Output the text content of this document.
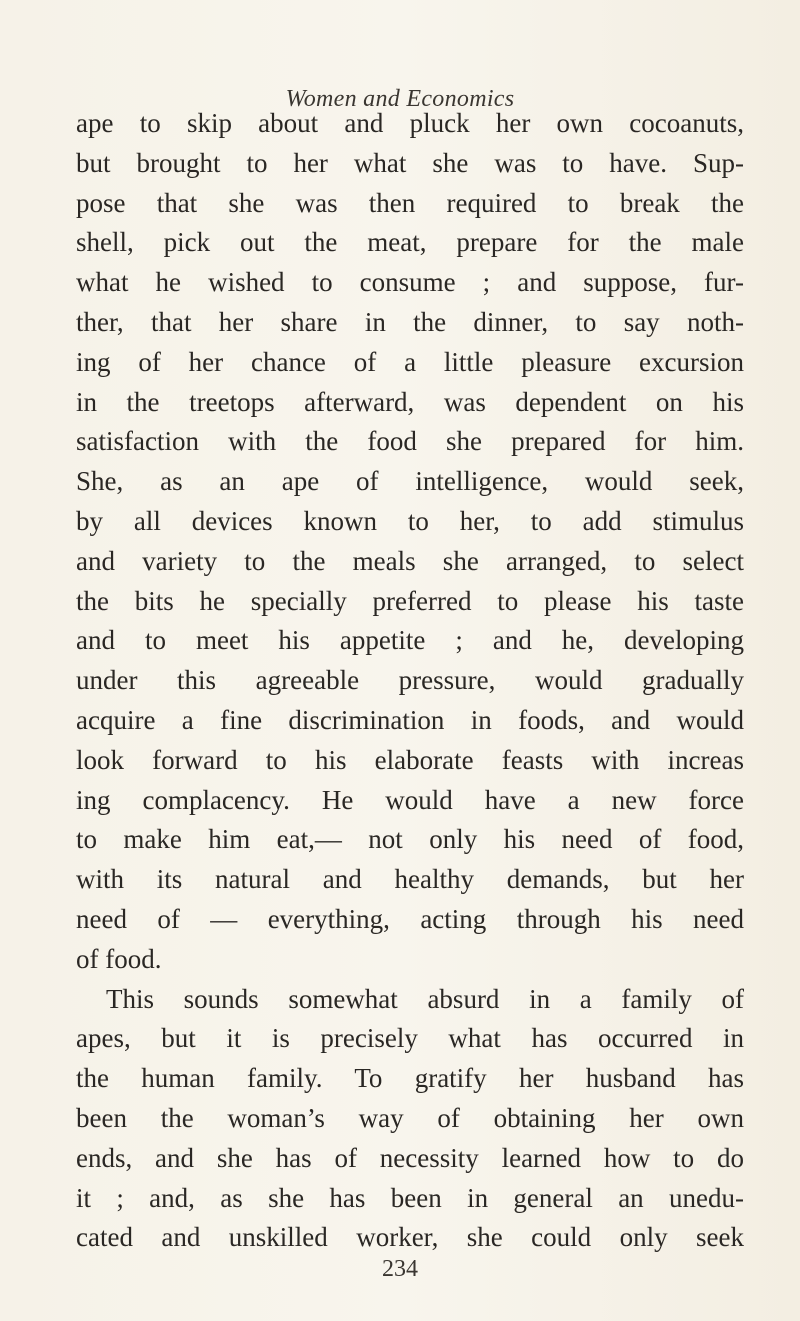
Women and Economics
ape to skip about and pluck her own cocoanuts,
but brought to her what she was to have. Sup-
pose that she was then required to break the
shell, pick out the meat, prepare for the male
what he wished to consume ; and suppose, fur-
ther, that her share in the dinner, to say noth-
ing of her chance of a little pleasure excursion
in the treetops afterward, was dependent on his
satisfaction with the food she prepared for him.
She, as an ape of intelligence, would seek,
by all devices known to her, to add stimulus
and variety to the meals she arranged, to select
the bits he specially preferred to please his taste
and to meet his appetite ; and he, developing
under this agreeable pressure, would gradually
acquire a fine discrimination in foods, and would
look forward to his elaborate feasts with increas
ing complacency. He would have a new force
to make him eat,— not only his need of food,
with its natural and healthy demands, but her
need of — everything, acting through his need
of food.
This sounds somewhat absurd in a family of
apes, but it is precisely what has occurred in
the human family. To gratify her husband has
been the woman’s way of obtaining her own
ends, and she has of necessity learned how to do
it ; and, as she has been in general an unedu-
cated and unskilled worker, she could only seek
234
